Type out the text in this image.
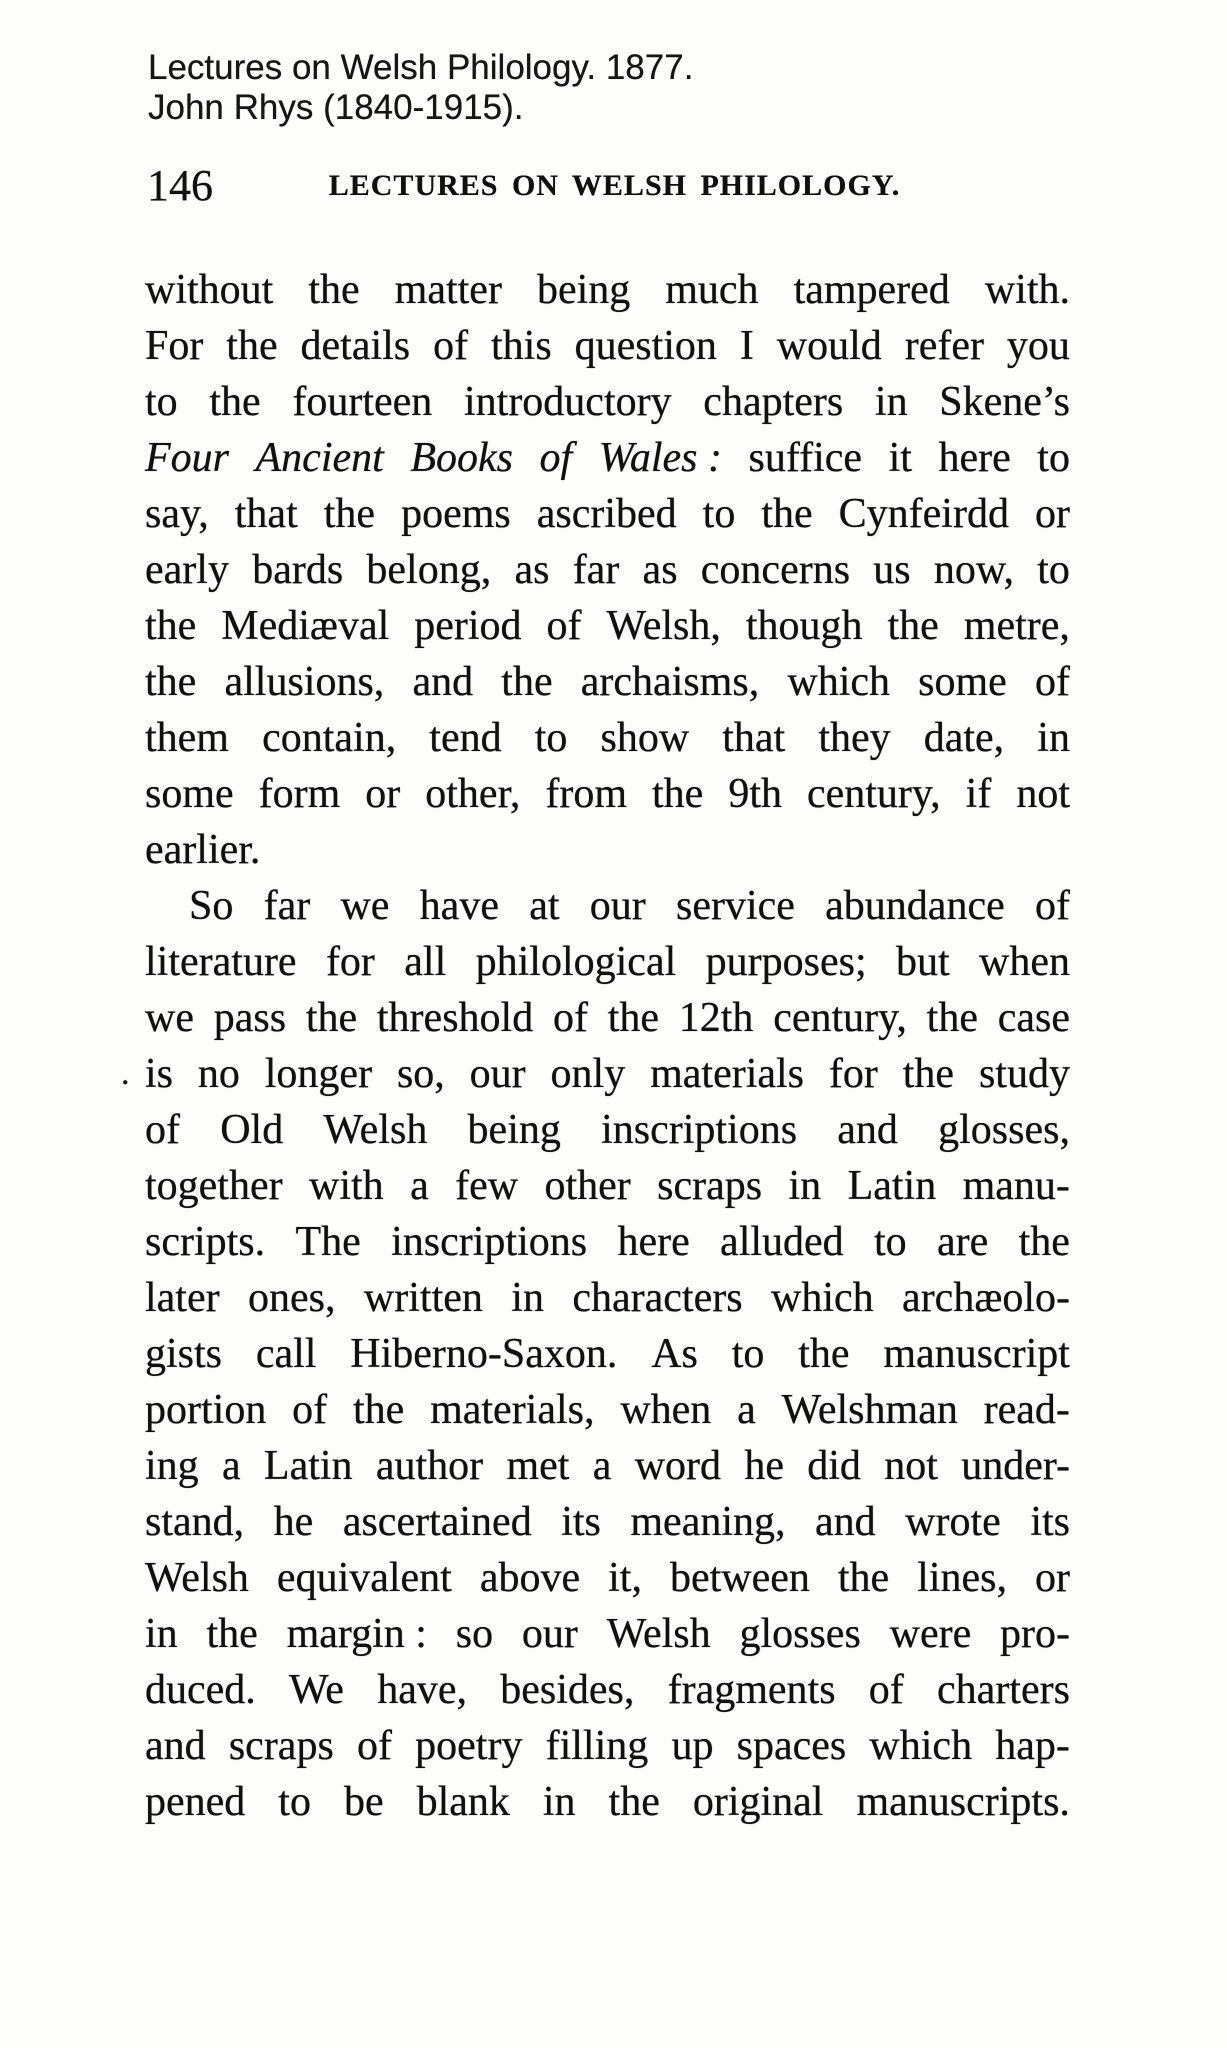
Lectures on Welsh Philology. 1877.
John Rhys (1840-1915).
146	LECTURES ON WELSH PHILOLOGY.
without the matter being much tampered with.
For the details of this question I would refer you
to the fourteen introductory chapters in Skene’s
Four Ancient Books of Wales : suffice it here to
say, that the poems ascribed to the Cynfeirdd or
early bards belong, as far as concerns us now, to
the Mediæval period of Welsh, though the metre,
the allusions, and the archaisms, which some of
them contain, tend to show that they date, in
some form or other, from the 9th century, if not
earlier.
So far we have at our service abundance of
literature for all philological purposes; but when
we pass the threshold of the 12th century, the case
. is no longer so, our only materials for the study
of Old Welsh being inscriptions and glosses,
together with a few other scraps in Latin manu-
scripts. The inscriptions here alluded to are the
later ones, written in characters which archæolo-
gists call Hiberno-Saxon. As to the manuscript
portion of the materials, when a Welshman read-
ing a Latin author met a word he did not under-
stand, he ascertained its meaning, and wrote its
Welsh equivalent above it, between the lines, or
in the margin : so our Welsh glosses were pro-
duced. We have, besides, fragments of charters
and scraps of poetry filling up spaces which hap-
pened to be blank in the original manuscripts.
